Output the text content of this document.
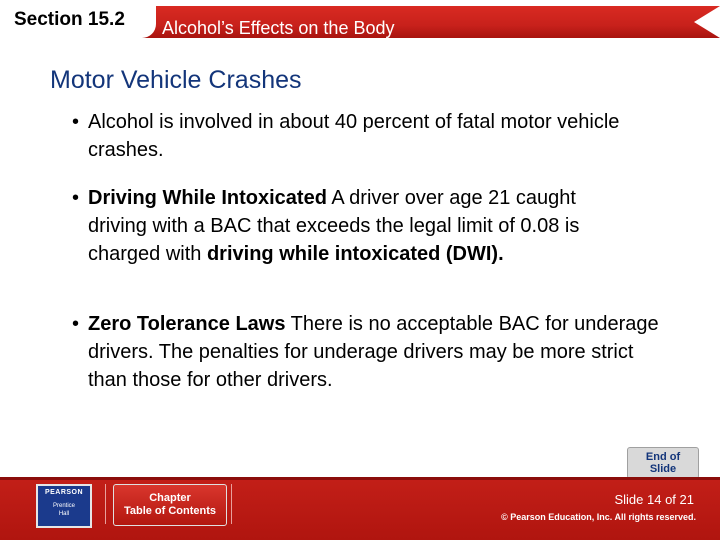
Section 15.2 Alcohol’s Effects on the Body
Motor Vehicle Crashes

• Alcohol is involved in about 40 percent of fatal motor vehicle crashes.

• Driving While Intoxicated A driver over age 21 caught driving with a BAC that exceeds the legal limit of 0.08 is charged with driving while intoxicated (DWI).

• Zero Tolerance Laws There is no acceptable BAC for underage drivers. The penalties for underage drivers may be more strict than those for other drivers.

End of
Slide
PEARSON
Prentice
Hall
Chapter
Table of Contents
Slide 14 of 21
© Pearson Education, Inc. All rights reserved.
